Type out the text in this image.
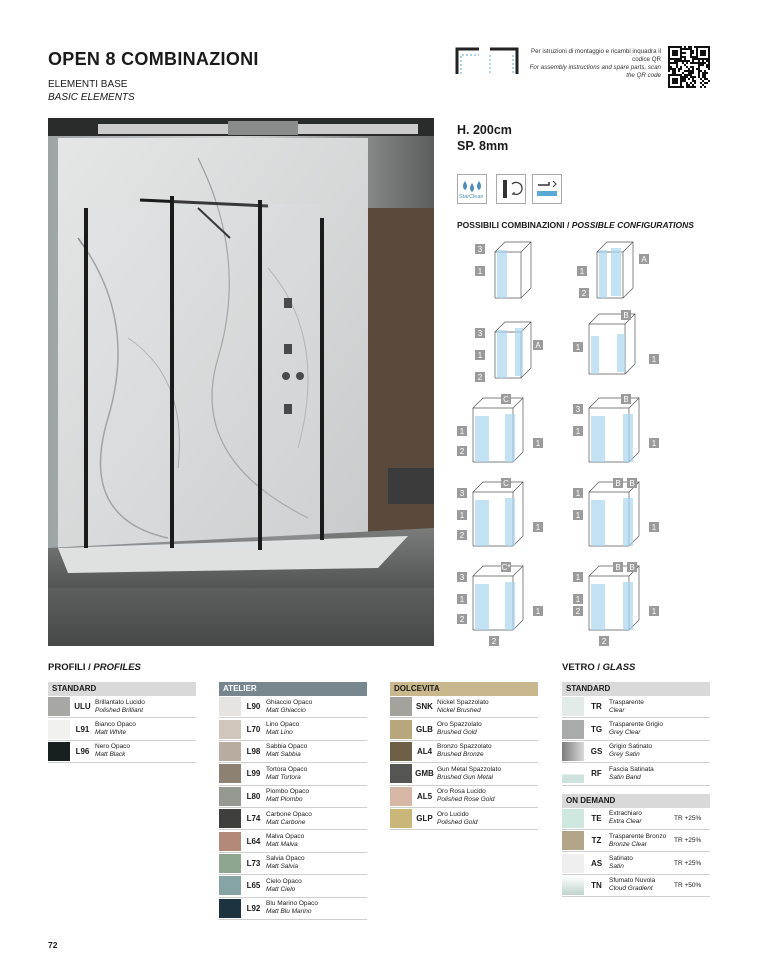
OPEN 8 COMBINAZIONI
ELEMENTI BASE
BASIC ELEMENTS
Per istruzioni di montaggio e ricambi inquadra il codice QR
For assembly instructions and spare parts, scan the QR code
H. 200cm
SP. 8mm
StarClean
POSSIBILI COMBINAZIONI / POSSIBLE CONFIGURATIONS
3
1	1
2
A
3
1
2
A	1
1
B
1
2
1
C
3
1
1
B
3
1
2
1
C
1
1
1
B B
3
1
2
1
C*
2
1
1
2	1
B B
2
PROFILI / PROFILES
STANDARD
ULU Brillantato Lucido
Polished Brilliant
L91 Bianco Opaco
Matt White
L96 Nero Opaco
Matt Black
ATELIER
L90 Ghiaccio Opaco
Matt Ghiaccio
L70 Lino Opaco
Matt Lino
L98 Sabbia Opaco
Matt Sabbia
L99 Tortora Opaco
Matt Tortora
L80 Piombo Opaco
Matt Piombo
L74 Carbone Opaco
Matt Carbone
L64 Malva Opaco
Matt Malva
L73 Salvia Opaco
Matt Salvia
L65 Cielo Opaco
Matt Cielo
L92 Blu Marino Opaco
Matt Blu Marino
DOLCEVITA
SNK Nickel Spazzolato
Nickel Brushed
GLB Oro Spazzolato
Brushed Gold
AL4 Bronzo Spazzolato
Brushed Bronze
GMB Gun Metal Spazzolato
Brushed Gun Metal
AL5 Oro Rosa Lucido
Polished Rose Gold
GLP Oro Lucido
Polished Gold
VETRO / GLASS
STANDARD
TR	Trasparente
Clear
TG	Trasparente Grigio
Grey Clear
GS	Grigio Satinato
Grey Satin
RF	Fascia Satinata
Satin Band
ON DEMAND
TE	Extrachiaro
Extra Clear	TR +25%
TZ	Trasparente Bronzo
Bronze Clear	TR +25%
AS	Satinato
Satin	TR +25%
TN	Sfumato Nuvola
Cloud Gradient	TR +50%
72
